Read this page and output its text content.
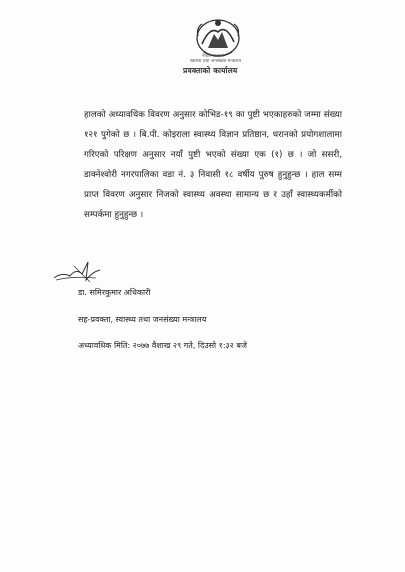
नेपाल सरकार
स्वास्थ्य तथा जनसंख्या मन्त्रालय
प्रवक्ताको कार्यालय
हालको अध्यावधिक विवरण अनुसार कोभिड-१९ का पुष्टी भएकाहरुको जम्मा संख्या १२१ पुगेको छ । बि.पी. कोइराला स्वास्थ्य विज्ञान प्रतिष्ठान, धरानको प्रयोगशालामा गरिएको परिक्षण अनुसार नयाँ पुष्टी भएको संख्या एक (१) छ । जो ससरी, डाक्नेश्वोरी नगरपालिका वडा नं. ३ निवासी १८ वर्षीय पुरुष हुनुहुन्छ । हाल सम्म प्राप्त विवरण अनुसार निजको स्वास्थ्य अवस्था सामान्य छ र उहाँ स्वास्थ्यकर्मीको सम्पर्कमा हुनुहुन्छ ।
डा. समिरकुमार अधिकारी
सह-प्रवक्ता, स्वास्थ्य तथा जनसंख्या मन्त्रालय
अध्यावधिक मिति: २०७७ वैशाख २९ गते, दिउसो १:३२ बजे
